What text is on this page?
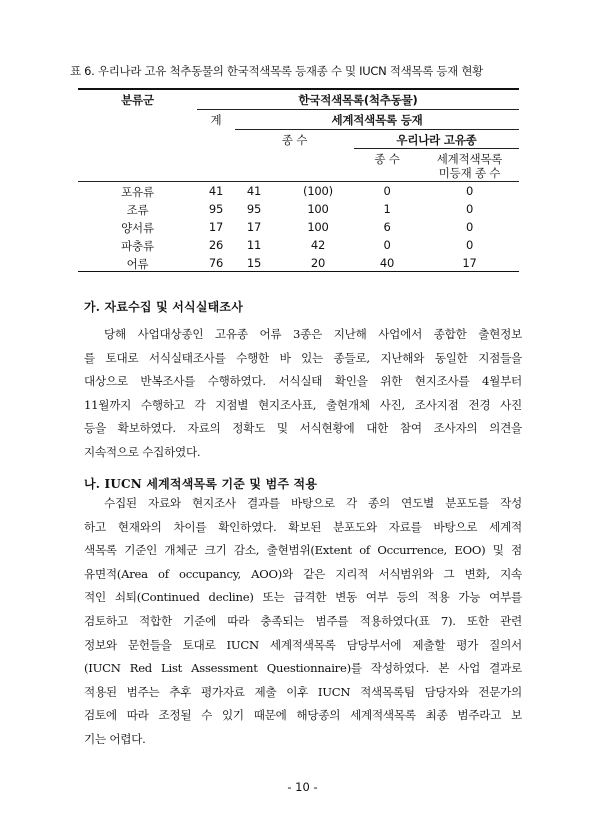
표 6. 우리나라 고유 척추동물의 한국적색목록 등재종 수 및 IUCN 적색목록 등재 현황
분류군	한국적색목록(척추동물)
계	세계적색목록 등재
종 수	우리나라 고유종
종 수	세계적색목록
미등재 종 수
포유류	41	41	(100)	0	0
조류	95	95	100	1	0
양서류	17	17	100	6	0
파충류	26	11	42	0	0
어류	76	15	20	40	17
가. 자료수집 및 서식실태조사
당해 사업대상종인 고유종 어류 3종은 지난해 사업에서 종합한 출현정보
를 토대로 서식실태조사를 수행한 바 있는 종들로, 지난해와 동일한 지점들을
대상으로 반복조사를 수행하였다. 서식실태 확인을 위한 현지조사를 4월부터
11월까지 수행하고 각 지점별 현지조사표, 출현개체 사진, 조사지점 전경 사진
등을 확보하였다. 자료의 정확도 및 서식현황에 대한 참여 조사자의 의견을
지속적으로 수집하였다.
나. IUCN 세계적색목록 기준 및 범주 적용
수집된 자료와 현지조사 결과를 바탕으로 각 종의 연도별 분포도를 작성
하고 현재와의 차이를 확인하였다. 확보된 분포도와 자료를 바탕으로 세계적
색목록 기준인 개체군 크기 감소, 출현범위(Extent of Occurrence, EOO) 및 점
유면적(Area of occupancy, AOO)와 같은 지리적 서식범위와 그 변화, 지속
적인 쇠퇴(Continued decline) 또는 급격한 변동 여부 등의 적용 가능 여부를
검토하고 적합한 기준에 따라 충족되는 범주를 적용하였다(표 7). 또한 관련
정보와 문헌들을 토대로 IUCN 세계적색목록 담당부서에 제출할 평가 질의서
(IUCN Red List Assessment Questionnaire)를 작성하였다. 본 사업 결과로
적용된 범주는 추후 평가자료 제출 이후 IUCN 적색목록팀 담당자와 전문가의
검토에 따라 조정될 수 있기 때문에 해당종의 세계적색목록 최종 범주라고 보
기는 어렵다.
- 10 -
